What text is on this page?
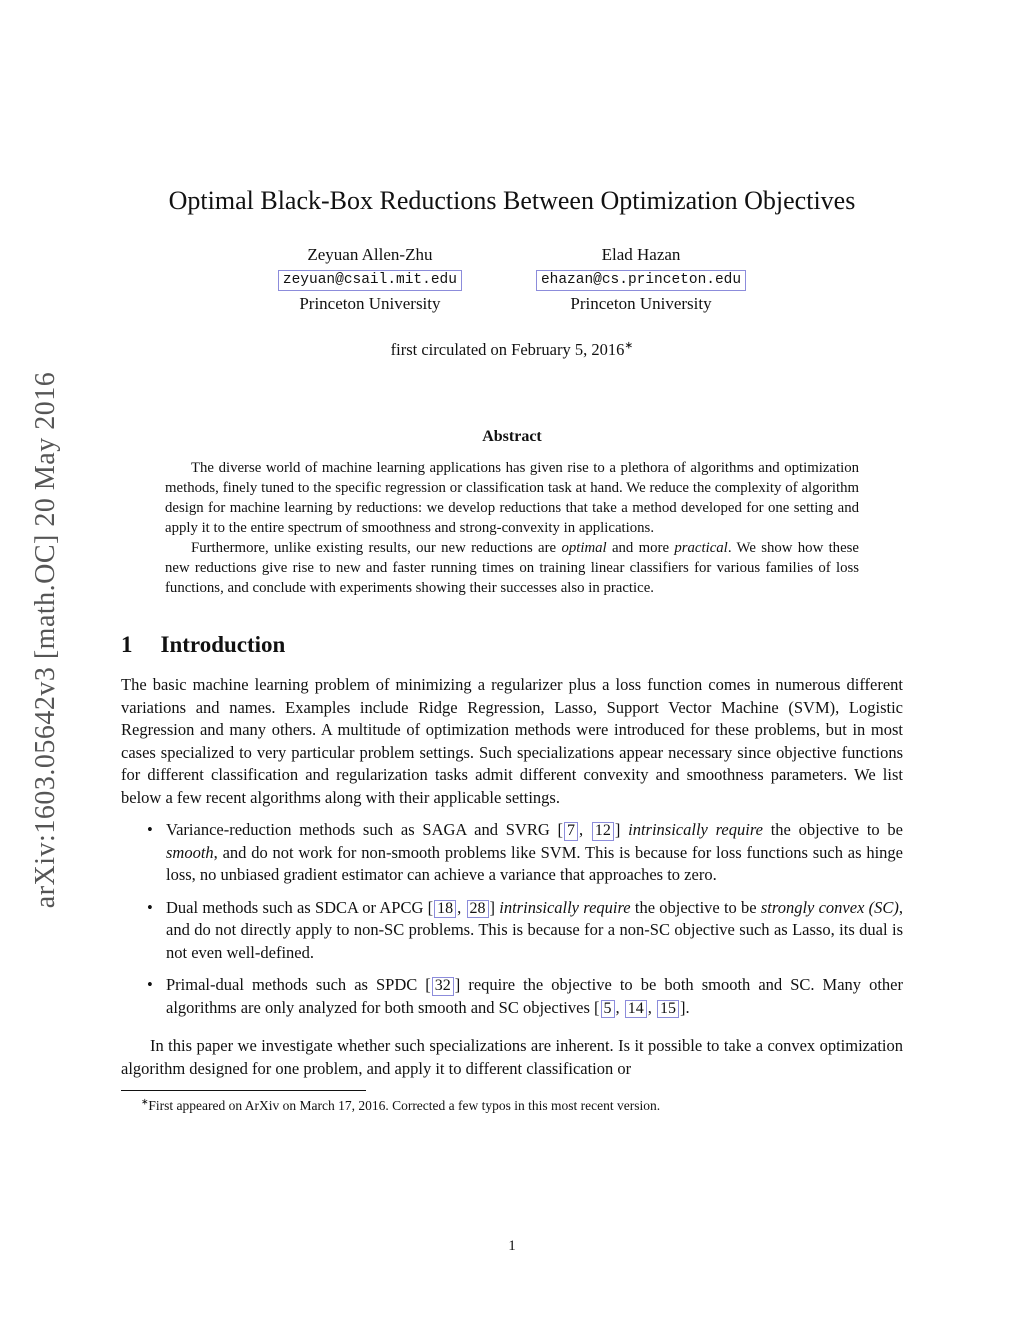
arXiv:1603.05642v3 [math.OC] 20 May 2016
Optimal Black-Box Reductions Between Optimization Objectives
Zeyuan Allen-Zhu
zeyuan@csail.mit.edu
Princeton University
Elad Hazan
ehazan@cs.princeton.edu
Princeton University
first circulated on February 5, 2016∗
Abstract

The diverse world of machine learning applications has given rise to a plethora of algorithms and optimization methods, finely tuned to the specific regression or classification task at hand. We reduce the complexity of algorithm design for machine learning by reductions: we develop reductions that take a method developed for one setting and apply it to the entire spectrum of smoothness and strong-convexity in applications.

Furthermore, unlike existing results, our new reductions are optimal and more practical. We show how these new reductions give rise to new and faster running times on training linear classifiers for various families of loss functions, and conclude with experiments showing their successes also in practice.

1 Introduction

The basic machine learning problem of minimizing a regularizer plus a loss function comes in numerous different variations and names. Examples include Ridge Regression, Lasso, Support Vector Machine (SVM), Logistic Regression and many others. A multitude of optimization methods were introduced for these problems, but in most cases specialized to very particular problem settings. Such specializations appear necessary since objective functions for different classification and regularization tasks admit different convexity and smoothness parameters. We list below a few recent algorithms along with their applicable settings.

• Variance-reduction methods such as SAGA and SVRG [ 7 , 12 ] intrinsically require the objective to be smooth, and do not work for non-smooth problems like SVM. This is because for loss functions such as hinge loss, no unbiased gradient estimator can achieve a variance that approaches to zero.
• Dual methods such as SDCA or APCG [ 18 , 28 ] intrinsically require the objective to be strongly convex (SC), and do not directly apply to non-SC problems. This is because for a non-SC objective such as Lasso, its dual is not even well-defined.
• Primal-dual methods such as SPDC [ 32 ] require the objective to be both smooth and SC. Many other algorithms are only analyzed for both smooth and SC objectives [ 5 , 14 , 15 ].

In this paper we investigate whether such specializations are inherent. Is it possible to take a convex optimization algorithm designed for one problem, and apply it to different classification or

∗First appeared on ArXiv on March 17, 2016. Corrected a few typos in this most recent version.
1
